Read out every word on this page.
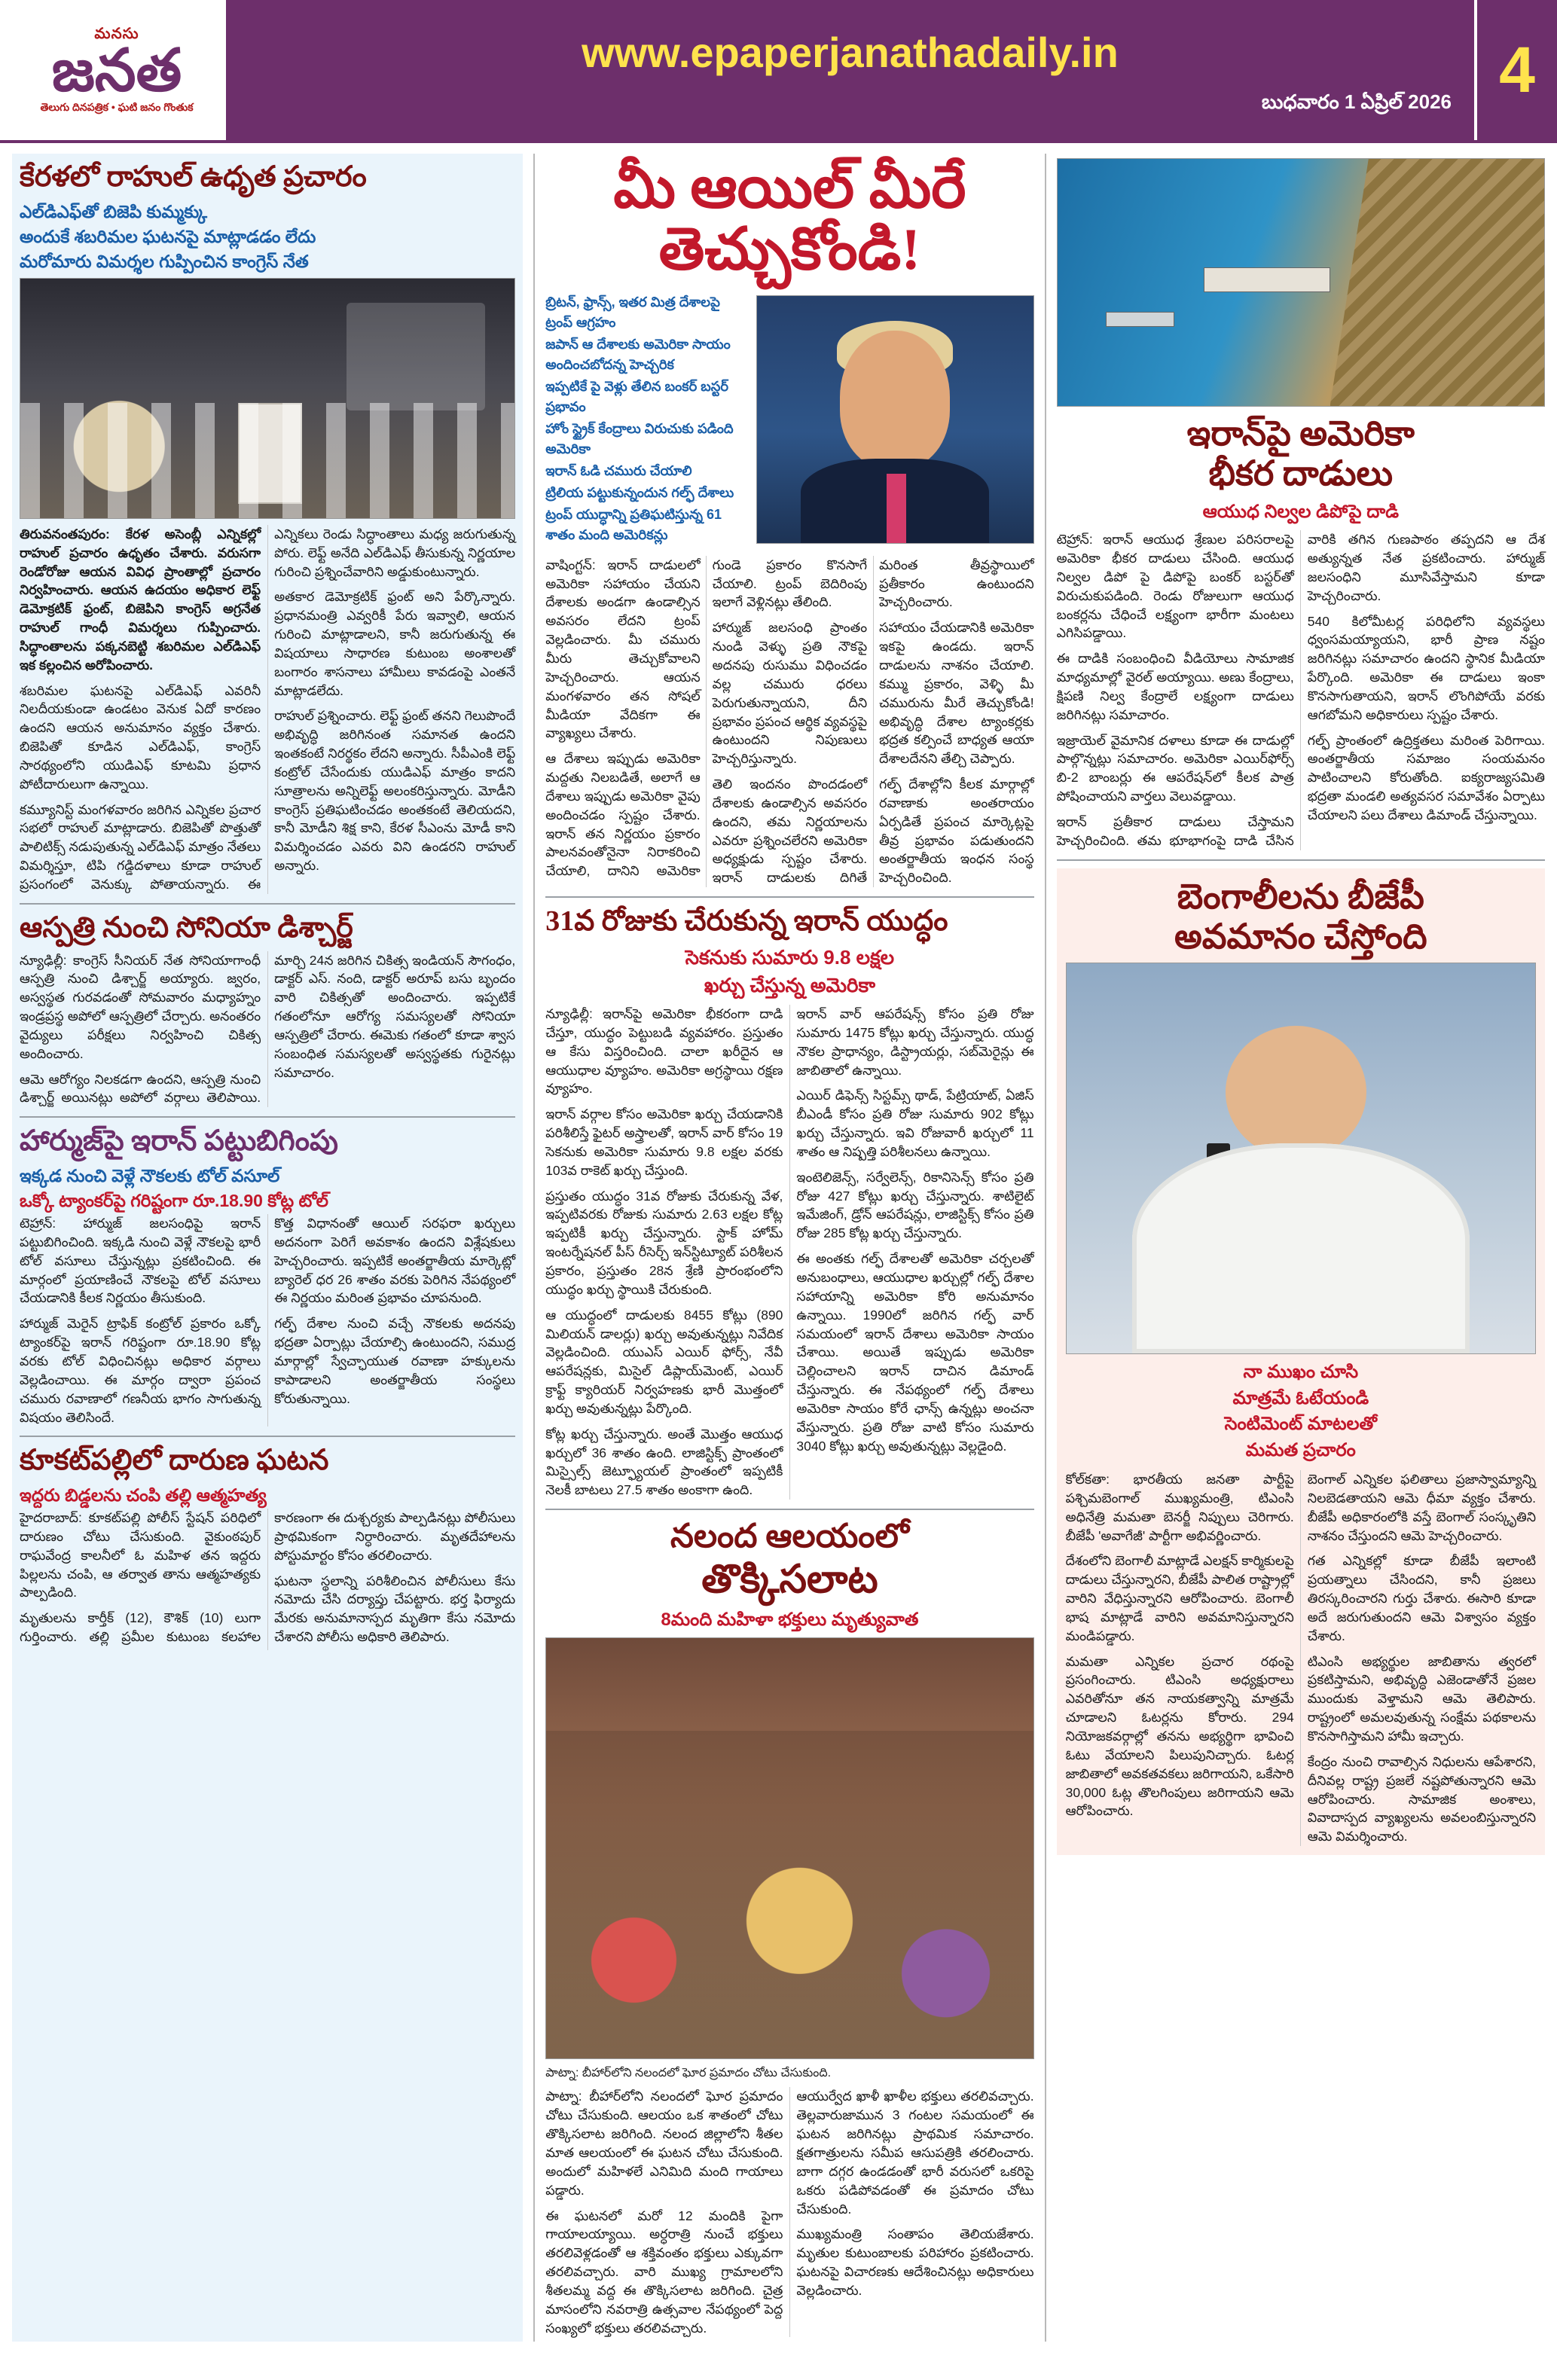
మనసు
జనత
తెలుగు దినపత్రిక • ఘటి జనం గొంతుక
www.epaperjanathadaily.in
బుధవారం 1 ఏప్రిల్ 2026 4
కేరళలో రాహుల్ ఉధృత ప్రచారం
ఎల్‌డిఎఫ్‌తో బిజెపి కుమ్మక్కు
అందుకే శబరిమల ఘటనపై మాట్లాడడం లేదు
మరోమారు విమర్శల గుప్పించిన కాంగ్రెస్ నేత

తిరువనంతపురం: కేరళ అసెంబ్లీ ఎన్నికల్లో రాహుల్ ప్రచారం ఉధృతం చేశారు. వరుసగా రెండోరోజు ఆయన వివిధ ప్రాంతాల్లో ప్రచారం నిర్వహించారు. ఆయన ఉదయం అధికార లెఫ్ట్ డెమోక్రటిక్ ఫ్రంట్, బిజెపిని కాంగ్రెస్ అగ్రనేత రాహుల్ గాంధీ విమర్శలు గుప్పించారు. సిద్ధాంతాలను పక్కనబెట్టి శబరిమల ఎల్‌డిఎఫ్ ఇక కల్లంచిన అరోపించారు.

శబరిమల ఘటనపై ఎల్‌డిఎఫ్ ఎవరినీ నిలదీయకుండా ఉండటం వెనుక ఏదో కారణం ఉందని ఆయన అనుమానం వ్యక్తం చేశారు. బిజెపితో కూడిన ఎల్‌డిఎఫ్, కాంగ్రెస్ సారథ్యంలోని యుడిఎఫ్ కూటమి ప్రధాన పోటీదారులుగా ఉన్నాయి.

కమ్యూనిస్ట్ మంగళవారం జరిగిన ఎన్నికల ప్రచార సభలో రాహుల్ మాట్లాడారు. బిజెపితో పొత్తుతో పాలిటిక్స్ నడుపుతున్న ఎల్‌డిఎఫ్ మాత్రం నేతలు విమర్శిస్తూ, టిపి గడ్డిదళాలు కూడా రాహుల్ ప్రసంగంలో వెనుక్కు పోతాయన్నారు. ఈ ఎన్నికలు రెండు సిద్ధాంతాలు మధ్య జరుగుతున్న పోరు. లెఫ్ట్ అనేది ఎల్‌డిఎఫ్ తీసుకున్న నిర్ణయాల గురించి ప్రశ్నించేవారిని అడ్డుకుంటున్నారు.

అతకార డెమోక్రటిక్ ఫ్రంట్ అని పేర్కొన్నారు. ప్రధానమంత్రి ఎవ్వరికీ పేరు ఇవ్వాలి, ఆయన గురించి మాట్లాడాలని, కానీ జరుగుతున్న ఈ విషయాలు సాధారణ కుటుంబ అంశాలతో బంగారం శాసనాలు హామీలు కావడంపై ఎంతనే మాట్లాడలేదు.

రాహుల్ ప్రశ్నించారు. లెఫ్ట్ ఫ్రంట్ తనని గెలుపొందే అభివృద్ధి జరిగినంత సమానత ఉందని ఇంతకంటే నిరర్థకం లేదని అన్నారు. సీపీఎంకి లెఫ్ట్ కంట్రోల్ చేసేందుకు యుడిఎఫ్ మాత్రం కాదని సూత్రాలను అన్నిలెఫ్ట్ అలంకరిస్తున్నారు. మోడీని కాంగ్రెస్ ప్రతిఘటించడం అంతకంటే తెలియదని, కానీ మోడీని శిక్ష కాని, కేరళ సీఎంను మోడీ కాని విమర్శించడం ఎవరు విని ఉండరని రాహుల్ అన్నారు.

ఆస్పత్రి నుంచి సోనియా డిశ్చార్జ్

న్యూఢిల్లీ: కాంగ్రెస్ సీనియర్ నేత సోనియాగాంధీ ఆస్పత్రి నుంచి డిశ్చార్జ్ అయ్యారు. జ్వరం, అస్వస్థత గురవడంతో సోమవారం మధ్యాహ్నం ఇండ్రప్రస్థ అపోలో ఆస్పత్రిలో చేర్చారు. అనంతరం వైద్యులు పరీక్షలు నిర్వహించి చికిత్స అందించారు.

ఆమె ఆరోగ్యం నిలకడగా ఉందని, ఆస్పత్రి నుంచి డిశ్చార్జ్ అయినట్లు అపోలో వర్గాలు తెలిపాయి. మార్చి 24న జరిగిన చికిత్స ఇండియన్ సౌగంధం, డాక్టర్ ఎస్. నంది, డాక్టర్ అరూప్ బసు బృందం వారి చికిత్సతో అందించారు. ఇప్పటికే గతంలోనూ ఆరోగ్య సమస్యలతో సోనియా ఆస్పత్రిలో చేరారు. ఈమెకు గతంలో కూడా శ్వాస సంబంధిత సమస్యలతో అస్వస్థతకు గురైనట్లు సమాచారం.

హార్ముజ్‌పై ఇరాన్ పట్టుబిగింపు
ఇక్కడ నుంచి వెళ్లే నౌకలకు టోల్ వసూల్
ఒక్కో ట్యాంకర్‌పై గరిష్టంగా రూ.18.90 కోట్ల టోల్

టెహ్రాన్: హార్ముజ్ జలసంధిపై ఇరాన్ పట్టుబిగించింది. ఇక్కడి నుంచి వెళ్లే నౌకలపై భారీ టోల్ వసూలు చేస్తున్నట్లు ప్రకటించింది. ఈ మార్గంలో ప్రయాణించే నౌకలపై టోల్ వసూలు చేయడానికి కీలక నిర్ణయం తీసుకుంది.

హార్ముజ్ మెరైన్ ట్రాఫిక్ కంట్రోల్ ప్రకారం ఒక్కో ట్యాంకర్‌పై ఇరాన్ గరిష్టంగా రూ.18.90 కోట్ల వరకు టోల్ విధించినట్లు అధికార వర్గాలు వెల్లడించాయి. ఈ మార్గం ద్వారా ప్రపంచ చమురు రవాణాలో గణనీయ భాగం సాగుతున్న విషయం తెలిసిందే.

కొత్త విధానంతో ఆయిల్ సరఫరా ఖర్చులు అదనంగా పెరిగే అవకాశం ఉందని విశ్లేషకులు హెచ్చరించారు. ఇప్పటికే అంతర్జాతీయ మార్కెట్లో బ్యారెల్ ధర 26 శాతం వరకు పెరిగిన నేపథ్యంలో ఈ నిర్ణయం మరింత ప్రభావం చూపనుంది.

గల్ఫ్ దేశాల నుంచి వచ్చే నౌకలకు అదనపు భద్రతా ఏర్పాట్లు చేయాల్సి ఉంటుందని, సముద్ర మార్గాల్లో స్వేచ్ఛాయుత రవాణా హక్కులను కాపాడాలని అంతర్జాతీయ సంస్థలు కోరుతున్నాయి.

కూకట్‌పల్లిలో దారుణ ఘటన
ఇద్దరు బిడ్డలను చంపి తల్లి ఆత్మహత్య

హైదరాబాద్: కూకట్‌పల్లి పోలీస్ స్టేషన్ పరిధిలో దారుణం చోటు చేసుకుంది. వైకుంఠపుర్ రాఘవేంద్ర కాలనీలో ఓ మహిళ తన ఇద్దరు పిల్లలను చంపి, ఆ తర్వాత తాను ఆత్మహత్యకు పాల్పడింది.

మృతులను కార్తీక్ (12), కౌశిక్ (10) లుగా గుర్తించారు. తల్లి ప్రమీల కుటుంబ కలహాల కారణంగా ఈ దుశ్చర్యకు పాల్పడినట్లు పోలీసులు ప్రాథమికంగా నిర్ధారించారు. మృతదేహాలను పోస్టుమార్టం కోసం తరలించారు.

ఘటనా స్థలాన్ని పరిశీలించిన పోలీసులు కేసు నమోదు చేసి దర్యాప్తు చేపట్టారు. భర్త ఫిర్యాదు మేరకు అనుమానాస్పద మృతిగా కేసు నమోదు చేశారని పోలీసు అధికారి తెలిపారు.

మీ ఆయిల్ మీరే తెచ్చుకోండి!
బ్రిటన్, ఫ్రాన్స్, ఇతర మిత్ర దేశాలపై ట్రంప్ ఆగ్రహం
జపాన్ ఆ దేశాలకు అమెరికా సాయం అందించబోదన్న హెచ్చరిక
ఇప్పటికే పై వెళ్లు తేలిన బంకర్ బస్టర్ ప్రభావం
హోం స్ట్రైక్ కేంద్రాలు విరుచుకు పడింది అమెరికా
ఇరాన్ ఓడి చమురు చేయాలి
ట్రిలియ పట్టుకున్నందున గల్ఫ్ దేశాలు
ట్రంప్ యుద్ధాన్ని ప్రతిఘటిస్తున్న 61 శాతం మంది అమెరికన్లు

వాషింగ్టన్: ఇరాన్ దాడులలో అమెరికా సహాయం చేయని దేశాలకు అండగా ఉండాల్సిన అవసరం లేదని ట్రంప్ వెల్లడించారు. మీ చమురు మీరు తెచ్చుకోవాలని హెచ్చరించారు. ఆయన మంగళవారం తన సోషల్ మీడియా వేదికగా ఈ వ్యాఖ్యలు చేశారు.

ఆ దేశాలు ఇప్పుడు అమెరికా మద్దతు నిలబడితే, అలాగే ఆ దేశాలు ఇప్పుడు అమెరికా వైపు అందించడం స్పష్టం చేశారు. ఇరాన్ తన నిర్ణయం ప్రకారం పాలనవంతోనైనా నిరాకరించి చేయాలి, దానిని అమెరికా గుండె ప్రకారం కొనసాగే చేయాలి. ట్రంప్ బెదిరింపు ఇలాగే వెళ్లినట్లు తేలింది.

హార్ముజ్ జలసంధి ప్రాంతం నుండి వెళ్ళు ప్రతి నౌకపై అదనపు రుసుము విధించడం వల్ల చమురు ధరలు పెరుగుతున్నాయని, దీని ప్రభావం ప్రపంచ ఆర్థిక వ్యవస్థపై ఉంటుందని నిపుణులు హెచ్చరిస్తున్నారు.

తెలి ఇందనం పొందడంలో దేశాలకు ఉండాల్సిన అవసరం ఉందని, తమ నిర్ణయాలను ఎవరూ ప్రశ్నించలేరని అమెరికా అధ్యక్షుడు స్పష్టం చేశారు. ఇరాన్ దాడులకు దిగితే మరింత తీవ్రస్థాయిలో ప్రతీకారం ఉంటుందని హెచ్చరించారు.

సహాయం చేయడానికి అమెరికా ఇకపై ఉండదు. ఇరాన్ దాడులను నాశనం చేయాలి. కమ్ము ప్రకారం, వెళ్ళి మీ చమురును మీరే తెచ్చుకోండి! అభివృద్ధి దేశాల ట్యాంకర్లకు భద్రత కల్పించే బాధ్యత ఆయా దేశాలదేనని తేల్చి చెప్పారు.

గల్ఫ్ దేశాల్లోని కీలక మార్గాల్లో రవాణాకు అంతరాయం ఏర్పడితే ప్రపంచ మార్కెట్లపై తీవ్ర ప్రభావం పడుతుందని అంతర్జాతీయ ఇంధన సంస్థ హెచ్చరించింది.

31వ రోజుకు చేరుకున్న ఇరాన్ యుద్ధం
సెకనుకు సుమారు 9.8 లక్షల
ఖర్చు చేస్తున్న అమెరికా

న్యూఢిల్లీ: ఇరాన్‌పై అమెరికా భీకరంగా దాడి చేస్తూ, యుద్ధం పెట్టుబడి వ్యవహారం. ప్రస్తుతం ఆ కేసు విస్తరించింది. చాలా ఖరీదైన ఆ ఆయుధాల వ్యూహం. అమెరికా అగ్రస్థాయి రక్షణ వ్యూహం.

ఇరాన్ వర్గాల కోసం అమెరికా ఖర్చు చేయడానికి పరిశీలిస్తే ఫైటర్ అస్త్రాలతో, ఇరాన్ వార్ కోసం 19 సెకనుకు అమెరికా సుమారు 9.8 లక్షల వరకు 103వ రాకెట్ ఖర్చు చేస్తుంది.

ప్రస్తుతం యుద్ధం 31వ రోజుకు చేరుకున్న వేళ, ఇప్పటివరకు రోజుకు సుమారు 2.63 లక్షల కోట్ల ఇప్పటికీ ఖర్చు చేస్తున్నారు. స్టాక్ హోమ్ ఇంటర్నేషనల్ పీస్ రీసెర్చ్ ఇన్‌స్టిట్యూట్ పరిశీలన ప్రకారం, ప్రస్తుతం 28న శ్రేణి ప్రారంభంలోని యుద్ధం ఖర్చు స్థాయికి చేరుకుంది.

ఆ యుద్ధంలో దాడులకు 8455 కోట్లు (890 మిలియన్ డాలర్లు) ఖర్చు అవుతున్నట్లు నివేదిక వెల్లడించింది. యుఎస్ ఎయిర్ ఫోర్స్, నేవీ ఆపరేషన్లకు, మిసైల్ డిప్లాయ్‌మెంట్, ఎయిర్ క్రాఫ్ట్ క్యారియర్ నిర్వహణకు భారీ మొత్తంలో ఖర్చు అవుతున్నట్లు పేర్కొంది.

కోట్ల ఖర్చు చేస్తున్నారు. అంతే మొత్తం ఆయుధ ఖర్చులో 36 శాతం ఉంది. లాజిస్టిక్స్ ప్రాంతంలో మిస్సైల్స్ జెట్ఫ్యూయల్ ప్రాంతంలో ఇప్పటికీ నెలకీ బాటలు 27.5 శాతం అంకాగా ఉంది.

ఇరాన్ వార్ ఆపరేషన్స్ కోసం ప్రతి రోజు సుమారు 1475 కోట్లు ఖర్చు చేస్తున్నారు. యుద్ధ నౌకల ప్రాధాన్యం, డిస్ట్రాయర్లు, సబ్‌మెరైన్లు ఈ జాబితాలో ఉన్నాయి.

ఎయిర్ డిఫెన్స్ సిస్టమ్స్ థాడ్, పేట్రియాట్, ఏజిస్ బీఎండీ కోసం ప్రతి రోజు సుమారు 902 కోట్లు ఖర్చు చేస్తున్నారు. ఇవి రోజువారీ ఖర్చులో 11 శాతం ఆ నిష్పత్తి పరిశీలనలు ఉన్నాయి.

ఇంటెలిజెన్స్, సర్వేలెన్స్, రికానిసెన్స్ కోసం ప్రతి రోజు 427 కోట్లు ఖర్చు చేస్తున్నారు. శాటిలైట్ ఇమేజింగ్, డ్రోన్ ఆపరేషన్లు, లాజిస్టిక్స్ కోసం ప్రతి రోజు 285 కోట్ల ఖర్చు చేస్తున్నారు.

ఈ అంతకు గల్ఫ్ దేశాలతో అమెరికా చర్చలతో అనుబంధాలు, ఆయుధాల ఖర్చుల్లో గల్ఫ్ దేశాల సహాయాన్ని అమెరికా కోరి అనుమానం ఉన్నాయి. 1990లో జరిగిన గల్ఫ్ వార్ సమయంలో ఇరాన్ దేశాలు అమెరికా సాయం చేశాయి. అయితే ఇప్పుడు అమెరికా చెల్లించాలని ఇరాన్ దాచిన డిమాండ్ చేస్తున్నారు. ఈ నేపథ్యంలో గల్ఫ్ దేశాలు అమెరికా సాయం కోరే ఛాన్స్ ఉన్నట్లు అంచనా వేస్తున్నారు. ప్రతి రోజు వాటి కోసం సుమారు 3040 కోట్లు ఖర్చు అవుతున్నట్లు వెల్లడైంది.

నలంద ఆలయంలో
తొక్కిసలాట
8మంది మహిళా భక్తులు మృత్యువాత
పాట్నా: బీహార్‌లోని నలందలో ఘోర ప్రమాదం చోటు చేసుకుంది.

పాట్నా: బీహార్‌లోని నలందలో ఘోర ప్రమాదం చోటు చేసుకుంది. ఆలయం ఒక శాతంలో చోటు తొక్కిసలాట జరిగింది. నలంద జిల్లాలోని శీతల మాత ఆలయంలో ఈ ఘటన చోటు చేసుకుంది. అందులో మహిళలే ఎనిమిది మంది గాయాలు పడ్డారు.

ఈ ఘటనలో మరో 12 మందికి పైగా గాయాలయ్యాయి. అర్ధరాత్రి నుంచే భక్తులు తరలివెళ్లడంతో ఆ శక్తివంతం భక్తులు ఎక్కువగా తరలివచ్చారు. వారి ముఖ్య గ్రామాలలోని శీతలమ్మ వద్ద ఈ తొక్కిసలాట జరిగింది. చైత్ర మాసంలోని నవరాత్రి ఉత్సవాల నేపథ్యంలో పెద్ద సంఖ్యలో భక్తులు తరలివచ్చారు.

ఆయుర్వేద ఖాళీ ఖాళీల భక్తులు తరలివచ్చారు. తెల్లవారుజామున 3 గంటల సమయంలో ఈ ఘటన జరిగినట్లు ప్రాథమిక సమాచారం. క్షతగాత్రులను సమీప ఆసుపత్రికి తరలించారు. బాగా దగ్గర ఉండడంతో భారీ వరుసలో ఒకరిపై ఒకరు పడిపోవడంతో ఈ ప్రమాదం చోటు చేసుకుంది.

ముఖ్యమంత్రి సంతాపం తెలియజేశారు. మృతుల కుటుంబాలకు పరిహారం ప్రకటించారు. ఘటనపై విచారణకు ఆదేశించినట్లు అధికారులు వెల్లడించారు.

ఇరాన్‌పై అమెరికా
భీకర దాడులు
ఆయుధ నిల్వల డిపోపై దాడి

టెహ్రాన్: ఇరాన్ ఆయుధ శ్రేణుల పరిసరాలపై అమెరికా భీకర దాడులు చేసింది. ఆయుధ నిల్వల డిపో పై డిపోపై బంకర్ బస్టర్‌తో విరుచుకుపడింది. రెండు రోజులుగా ఆయుధ బంకర్లను చేధించే లక్ష్యంగా భారీగా మంటలు ఎగిసిపడ్డాయి.

ఈ దాడికి సంబంధించి వీడియోలు సామాజిక మాధ్యమాల్లో వైరల్ అయ్యాయి. అణు కేంద్రాలు, క్షిపణి నిల్వ కేంద్రాలే లక్ష్యంగా దాడులు జరిగినట్లు సమాచారం.

ఇజ్రాయెల్ వైమానిక దళాలు కూడా ఈ దాడుల్లో పాల్గొన్నట్లు సమాచారం. అమెరికా ఎయిర్‌ఫోర్స్ బి-2 బాంబర్లు ఈ ఆపరేషన్‌లో కీలక పాత్ర పోషించాయని వార్తలు వెలువడ్డాయి.

ఇరాన్ ప్రతీకార దాడులు చేస్తామని హెచ్చరించింది. తమ భూభాగంపై దాడి చేసిన వారికి తగిన గుణపాఠం తప్పదని ఆ దేశ అత్యున్నత నేత ప్రకటించారు. హార్ముజ్ జలసంధిని మూసివేస్తామని కూడా హెచ్చరించారు.

540 కిలోమీటర్ల పరిధిలోని వ్యవస్థలు ధ్వంసమయ్యాయని, భారీ ప్రాణ నష్టం జరిగినట్లు సమాచారం ఉందని స్థానిక మీడియా పేర్కొంది. అమెరికా ఈ దాడులు ఇంకా కొనసాగుతాయని, ఇరాన్ లొంగిపోయే వరకు ఆగబోమని అధికారులు స్పష్టం చేశారు.

గల్ఫ్ ప్రాంతంలో ఉద్రిక్తతలు మరింత పెరిగాయి. అంతర్జాతీయ సమాజం సంయమనం పాటించాలని కోరుతోంది. ఐక్యరాజ్యసమితి భద్రతా మండలి అత్యవసర సమావేశం ఏర్పాటు చేయాలని పలు దేశాలు డిమాండ్ చేస్తున్నాయి.

బెంగాలీలను బీజేపీ
అవమానం చేస్తోంది
నా ముఖం చూసి
మాత్రమే ఓటేయండి
సెంటిమెంట్ మాటలతో
మమత ప్రచారం

కోల్‌కతా: భారతీయ జనతా పార్టీపై పశ్చిమబెంగాల్ ముఖ్యమంత్రి, టిఎంసి అధినేత్రి మమతా బెనర్జీ నిప్పులు చెరిగారు. బీజేపీ 'అవాగేజీ' పార్టీగా అభివర్ణించారు.

దేశంలోని బెంగాలీ మాట్లాడే ఎలక్షన్ కార్మికులపై దాడులు చేస్తున్నారని, బీజేపీ పాలిత రాష్ట్రాల్లో వారిని వేధిస్తున్నారని ఆరోపించారు. బెంగాలీ భాష మాట్లాడే వారిని అవమానిస్తున్నారని మండిపడ్డారు.

మమతా ఎన్నికల ప్రచార రథంపై ప్రసంగించారు. టిఎంసి అధ్యక్షురాలు ఎవరితోనూ తన నాయకత్వాన్ని మాత్రమే చూడాలని ఓటర్లను కోరారు. 294 నియోజకవర్గాల్లో తనను అభ్యర్థిగా భావించి ఓటు వేయాలని పిలుపునిచ్చారు. ఓటర్ల జాబితాలో అవకతవకలు జరిగాయని, ఒకేసారి 30,000 ఓట్ల తొలగింపులు జరిగాయని ఆమె ఆరోపించారు.

బెంగాల్ ఎన్నికల ఫలితాలు ప్రజాస్వామ్యాన్ని నిలబెడతాయని ఆమె ధీమా వ్యక్తం చేశారు. బీజేపీ అధికారంలోకి వస్తే బెంగాల్ సంస్కృతిని నాశనం చేస్తుందని ఆమె హెచ్చరించారు.

గత ఎన్నికల్లో కూడా బీజేపీ ఇలాంటి ప్రయత్నాలు చేసిందని, కానీ ప్రజలు తిరస్కరించారని గుర్తు చేశారు. ఈసారి కూడా అదే జరుగుతుందని ఆమె విశ్వాసం వ్యక్తం చేశారు.

టిఎంసి అభ్యర్థుల జాబితాను త్వరలో ప్రకటిస్తామని, అభివృద్ధి ఎజెండాతోనే ప్రజల ముందుకు వెళ్తామని ఆమె తెలిపారు. రాష్ట్రంలో అమలవుతున్న సంక్షేమ పథకాలను కొనసాగిస్తామని హామీ ఇచ్చారు.

కేంద్రం నుంచి రావాల్సిన నిధులను ఆపేశారని, దీనివల్ల రాష్ట్ర ప్రజలే నష్టపోతున్నారని ఆమె ఆరోపించారు. సామాజిక అంశాలు, వివాదాస్పద వ్యాఖ్యలను అవలంబిస్తున్నారని ఆమె విమర్శించారు.
